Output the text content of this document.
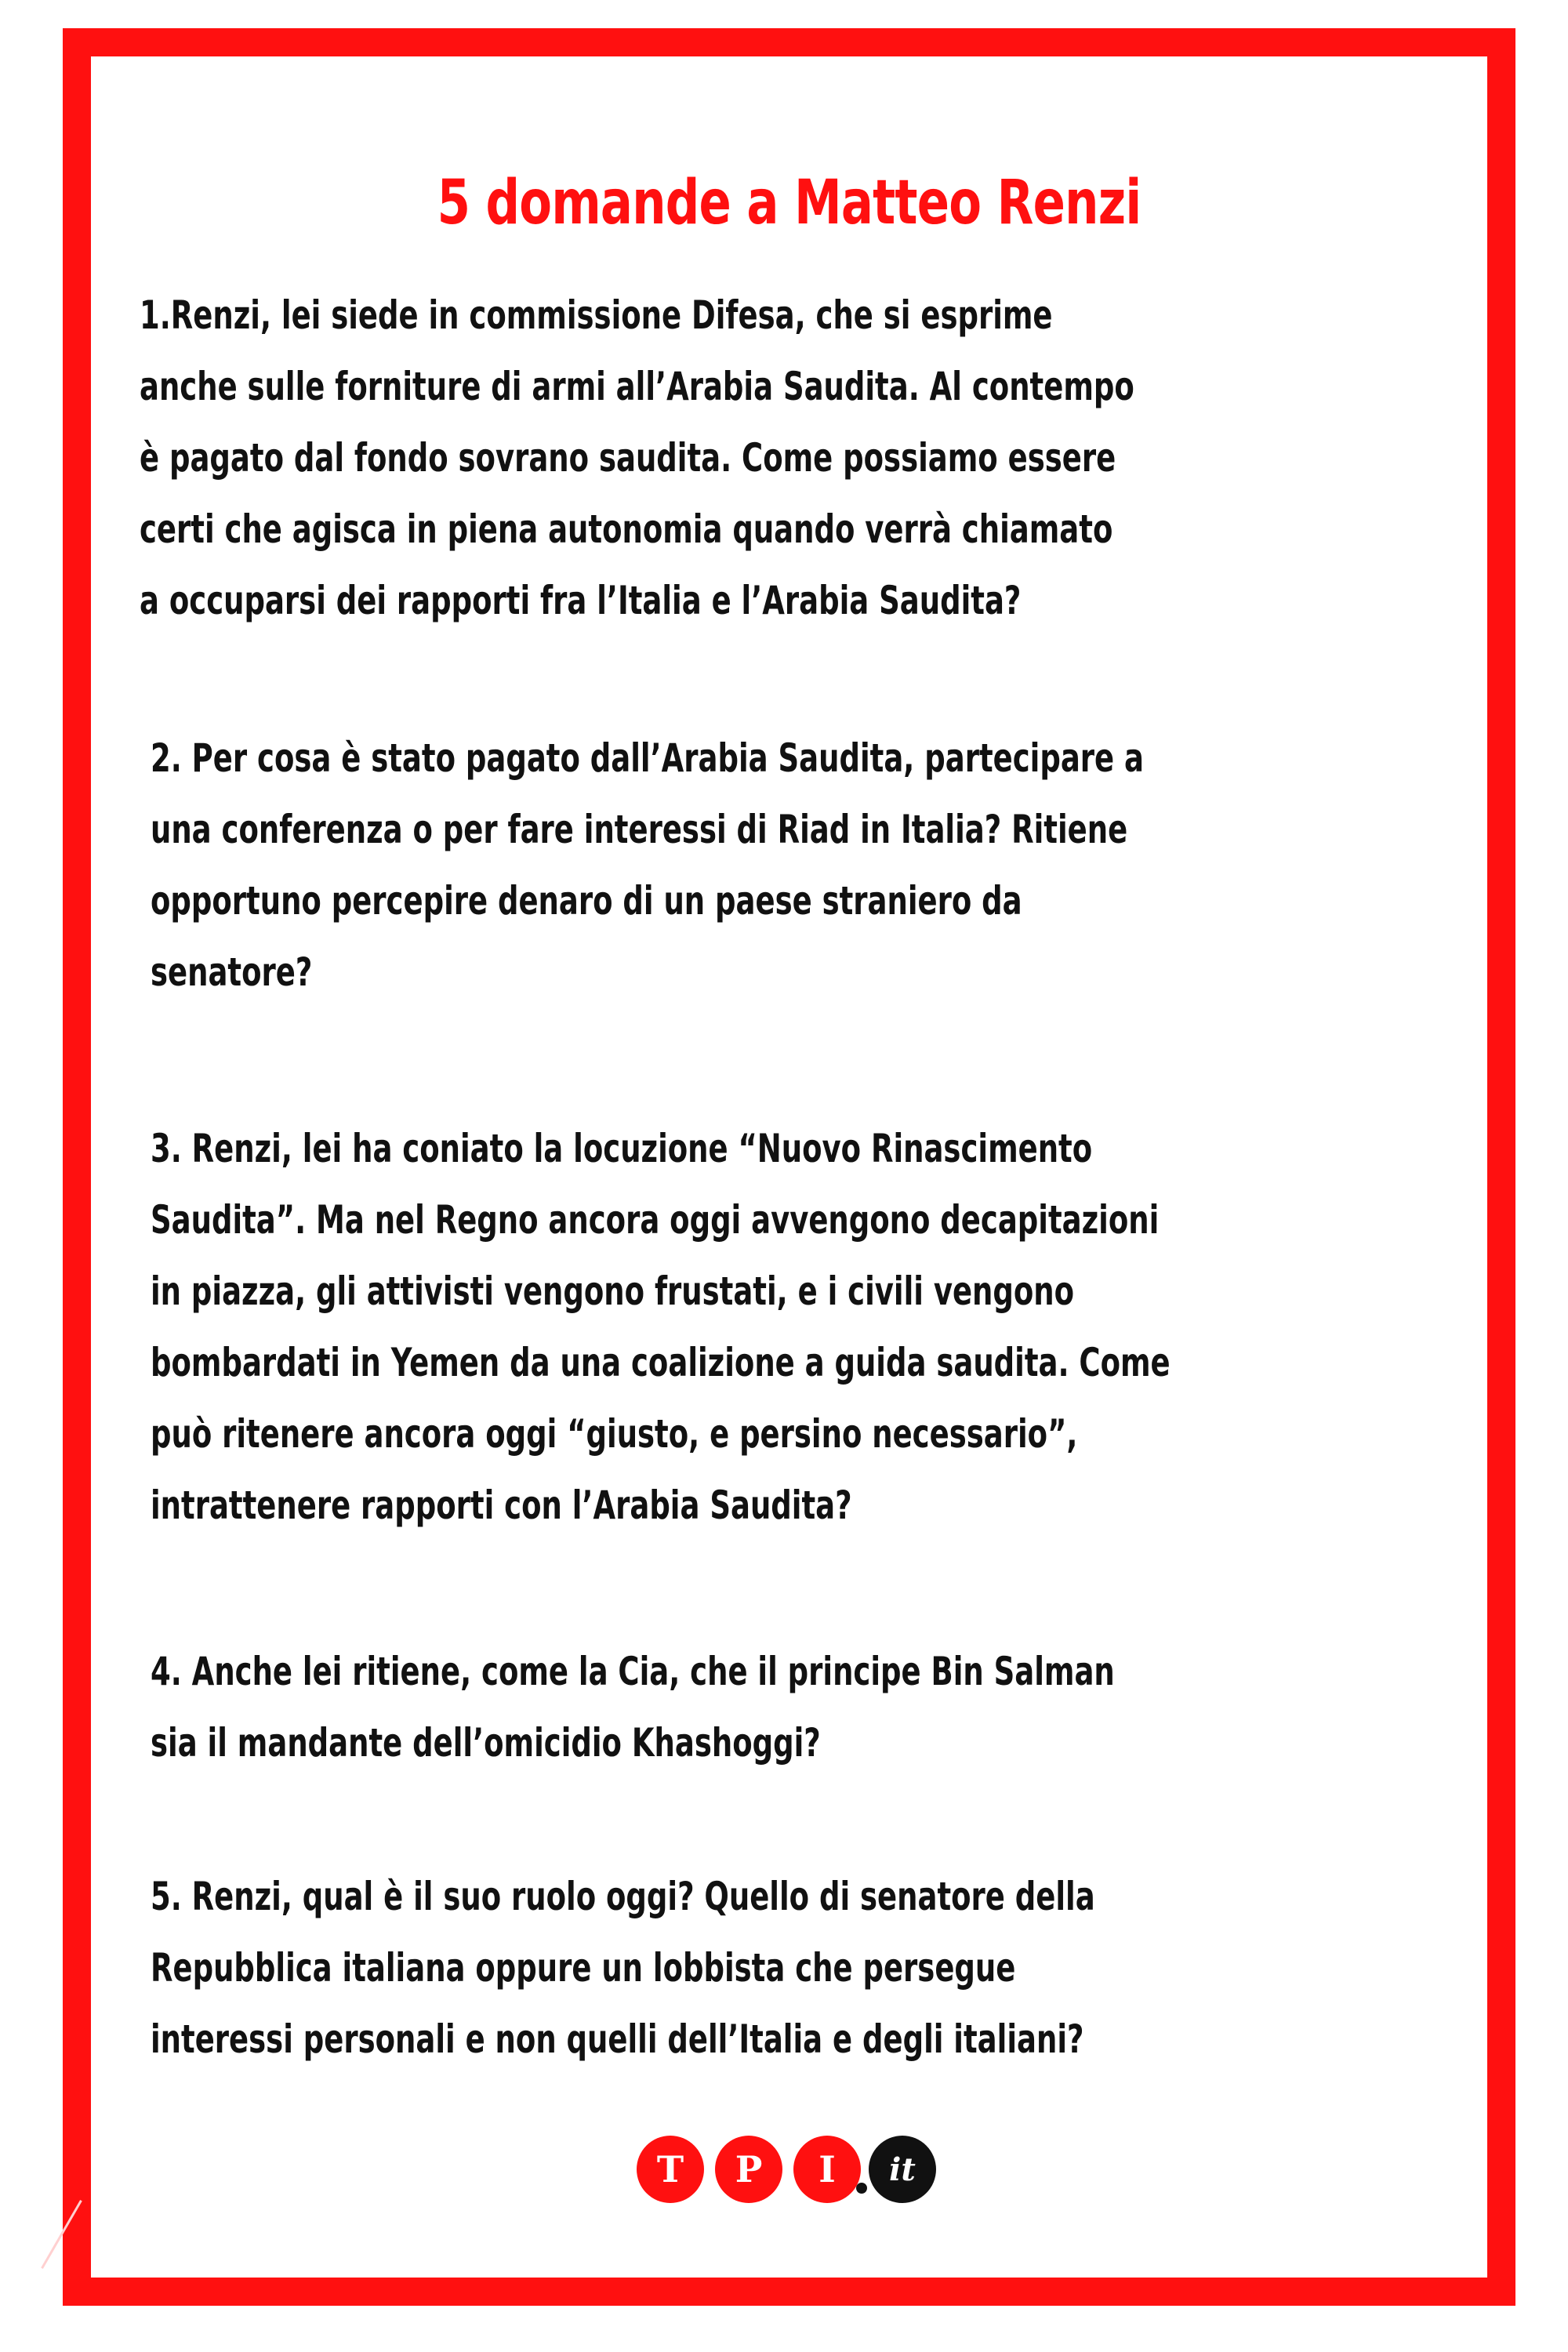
5 domande a Matteo Renzi
1.Renzi, lei siede in commissione Difesa, che si esprime
anche sulle forniture di armi all’Arabia Saudita. Al contempo
è pagato dal fondo sovrano saudita. Come possiamo essere
certi che agisca in piena autonomia quando verrà chiamato
a occuparsi dei rapporti fra l’Italia e l’Arabia Saudita?
2. Per cosa è stato pagato dall’Arabia Saudita, partecipare a
una conferenza o per fare interessi di Riad in Italia? Ritiene
opportuno percepire denaro di un paese straniero da
senatore?
3. Renzi, lei ha coniato la locuzione “Nuovo Rinascimento
Saudita”. Ma nel Regno ancora oggi avvengono decapitazioni
in piazza, gli attivisti vengono frustati, e i civili vengono
bombardati in Yemen da una coalizione a guida saudita. Come
può ritenere ancora oggi “giusto, e persino necessario”,
intrattenere rapporti con l’Arabia Saudita?
4. Anche lei ritiene, come la Cia, che il principe Bin Salman
sia il mandante dell’omicidio Khashoggi?
5. Renzi, qual è il suo ruolo oggi? Quello di senatore della
Repubblica italiana oppure un lobbista che persegue
interessi personali e non quelli dell’Italia e degli italiani?
T	P	I	it
